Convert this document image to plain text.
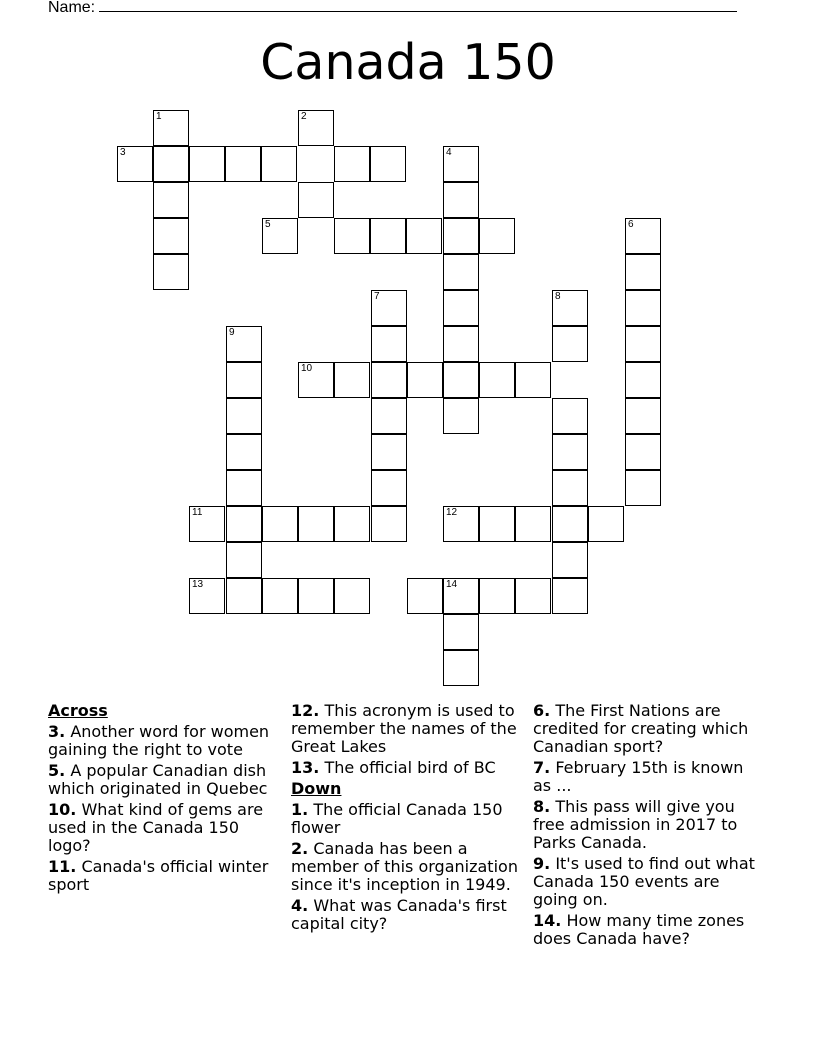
Name:
Canada 150
1	2
3	4
5	6
7	8
9
10
11	12
13	14
Across
3. Another word for women gaining the right to vote
5. A popular Canadian dish which originated in Quebec
10. What kind of gems are used in the Canada 150 logo?
11. Canada's official winter sport
12. This acronym is used to remember the names of the Great Lakes
13. The official bird of BC
Down
1. The official Canada 150 flower
2. Canada has been a member of this organization since it's inception in 1949.
4. What was Canada's first capital city?
6. The First Nations are credited for creating which Canadian sport?
7. February 15th is known as ...
8. This pass will give you free admission in 2017 to Parks Canada.
9. It's used to find out what Canada 150 events are going on.
14. How many time zones does Canada have?
